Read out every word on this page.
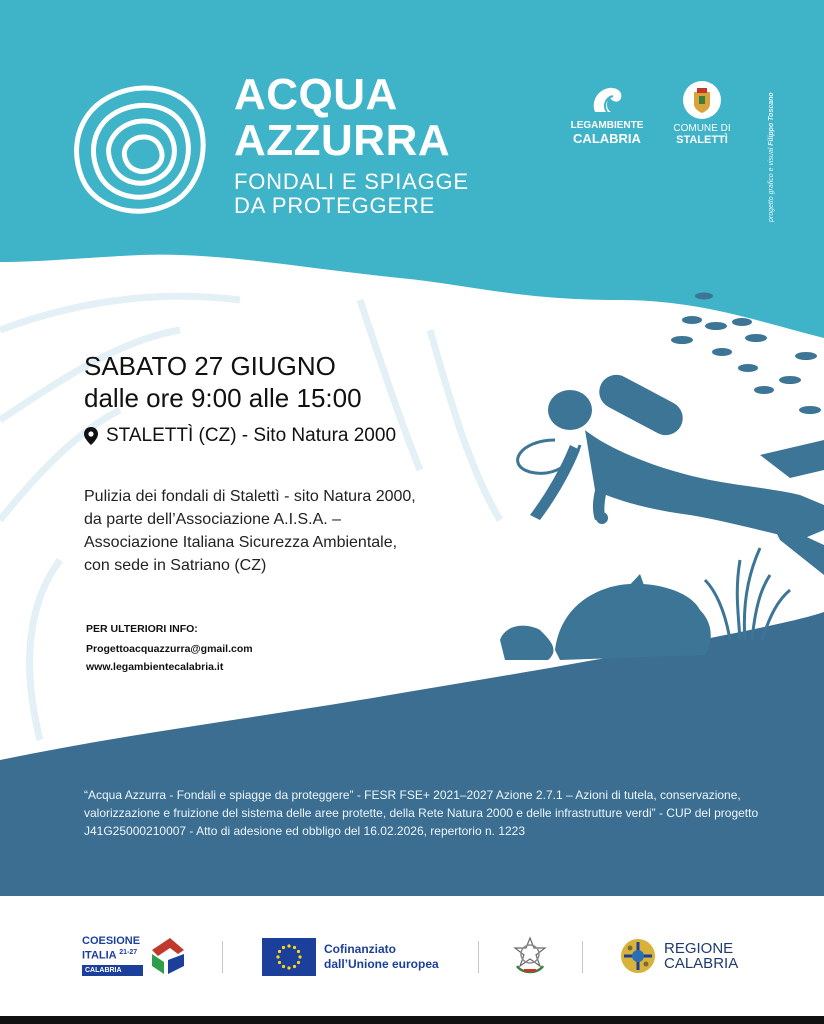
ACQUA
AZZURRA
FONDALI E SPIAGGE
DA PROTEGGERE
LEGAMBIENTE
CALABRIA
COMUNE DI
STALETTÌ
progetto grafico e visual Filippo Toscano
SABATO 27 GIUGNO
dalle ore 9:00 alle 15:00
STALETTÌ (CZ) - Sito Natura 2000
Pulizia dei fondali di Stalettì - sito Natura 2000, da parte dell’Associazione A.I.S.A. – Associazione Italiana Sicurezza Ambientale, con sede in Satriano (CZ)
PER ULTERIORI INFO:
Progettoacquazzurra@gmail.com
www.legambientecalabria.it
“Acqua Azzurra - Fondali e spiagge da proteggere” - FESR FSE+ 2021–2027 Azione 2.7.1 – Azioni di tutela, conservazione, valorizzazione e fruizione del sistema delle aree protette, della Rete Natura 2000 e delle infrastrutture verdi” - CUP del progetto J41G25000210007 - Atto di adesione ed obbligo del 16.02.2026, repertorio n. 1223
COESIONE
ITALIA $^{21-27}$
CALABRIA
Cofinanziato
dall’Unione europea
REGIONE
CALABRIA
